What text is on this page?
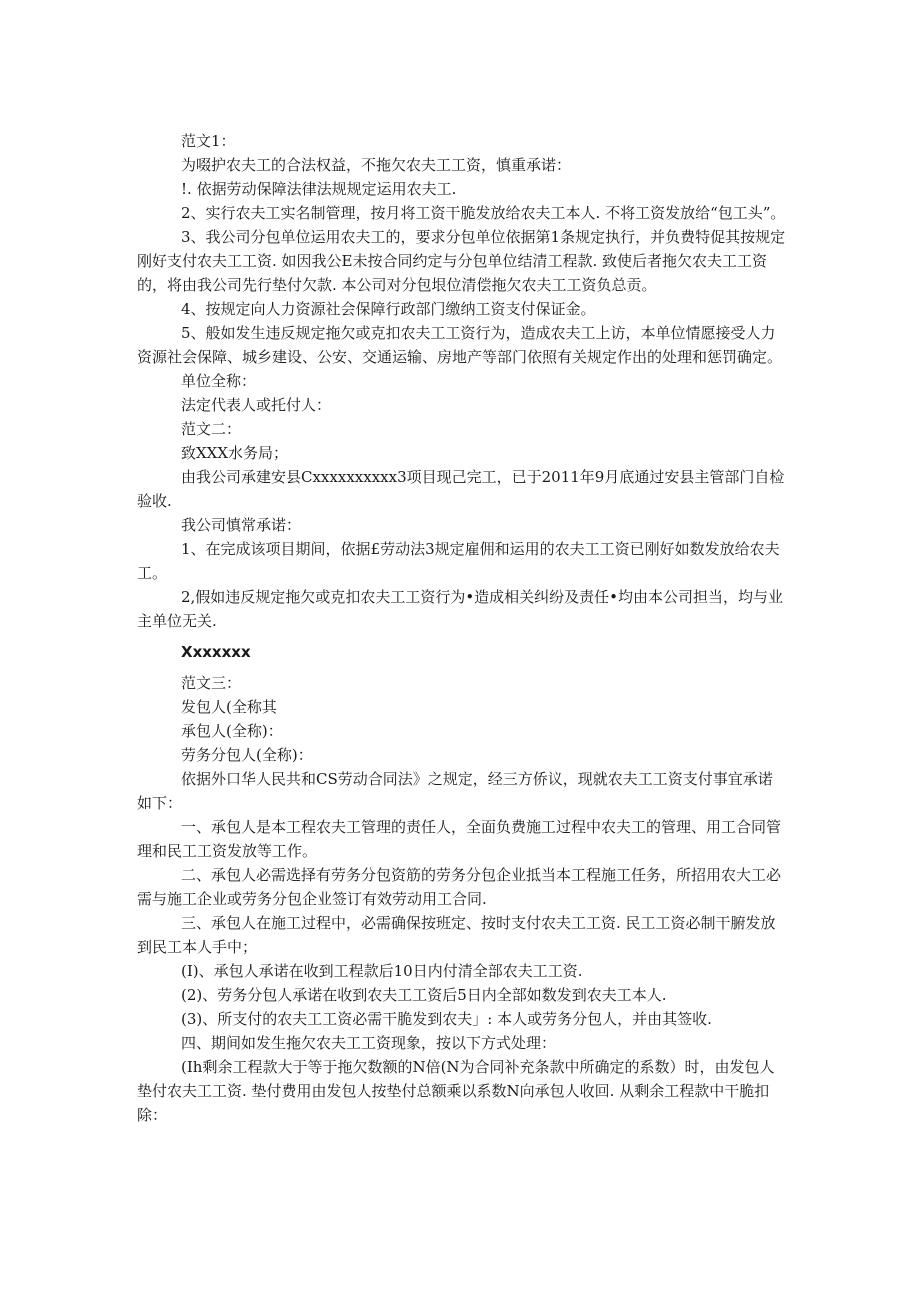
范文1：

为啜护农夫工的合法权益，不拖欠农夫工工资，慎重承诺：

!. 依据劳动保障法律法规规定运用农夫工.

2、实行农夫工实名制管理，按月将工资干脆发放给农夫工本人. 不将工资发放给“包工头”。

3、我公司分包单位运用农夫工的，要求分包单位依据第1条规定执行，并负费特促其按规定刚好支付农夫工工资. 如因我公E未按合同约定与分包单位结清工程款. 致使后者拖欠农夫工工资的，将由我公司先行垫付欠款. 本公司对分包垠位清偿拖欠农夫工工资负总贡。

4、按规定向人力资源社会保障行政部门缴纳工资支付保证金。

5、般如发生违反规定拖欠或克扣农夫工工资行为，造成农夫工上访，本单位情愿接受人力资源社会保障、城乡建设、公安、交通运输、房地产等部门依照有关规定作出的处理和惩罚确定。

单位全称：

法定代表人或托付人：

范文二：

致XXX水务局；

由我公司承建安县Cxxxxxxxxxx3项目现己完工，已于2011年9月底通过安县主管部门自检验收.

我公司慎常承诺：

1、在完成该项目期间，依据£劳动法3规定雇佣和运用的农夫工工资已刚好如数发放给农夫工。

2,假如违反规定拖欠或克扣农夫工工资行为•造成相关纠纷及责任•均由本公司担当，均与业主单位无关.

Xxxxxxx

范文三：

发包人(全称其

承包人(全称)：

劳务分包人(全称)：

依据外口华人民共和CS劳动合同法》之规定，经三方侨议，现就农夫工工资支付事宜承诺如下：

一、承包人是本工程农夫工管理的责任人，全面负费施工过程中农夫工的管理、用工合同管理和民工工资发放等工作。

二、承包人必需选择有劳务分包资筋的劳务分包企业抵当本工程施工任务，所招用农大工必需与施工企业或劳务分包企业签订有效劳动用工合同.

三、承包人在施工过程中，必需确保按班定、按时支付农夫工工资. 民工工资必制干腑发放到民工本人手中；

(I)、承包人承诺在收到工程款后10日内付清全部农夫工工资.

(2)、劳务分包人承诺在收到农夫工工资后5日内全部如数发到农夫工本人.

(3)、所支付的农夫工工资必需干脆发到农夫」: 本人或劳务分包人，并由其签收.

四、期间如发生拖欠农夫工工资现象，按以下方式处理：

(Ih剩余工程款大于等于拖欠数额的N倍(N为合同补充条款中所确定的系数）时，由发包人垫付农夫工工资. 垫付费用由发包人按垫付总额乘以系数N向承包人收回. 从剩余工程款中干脆扣除：
